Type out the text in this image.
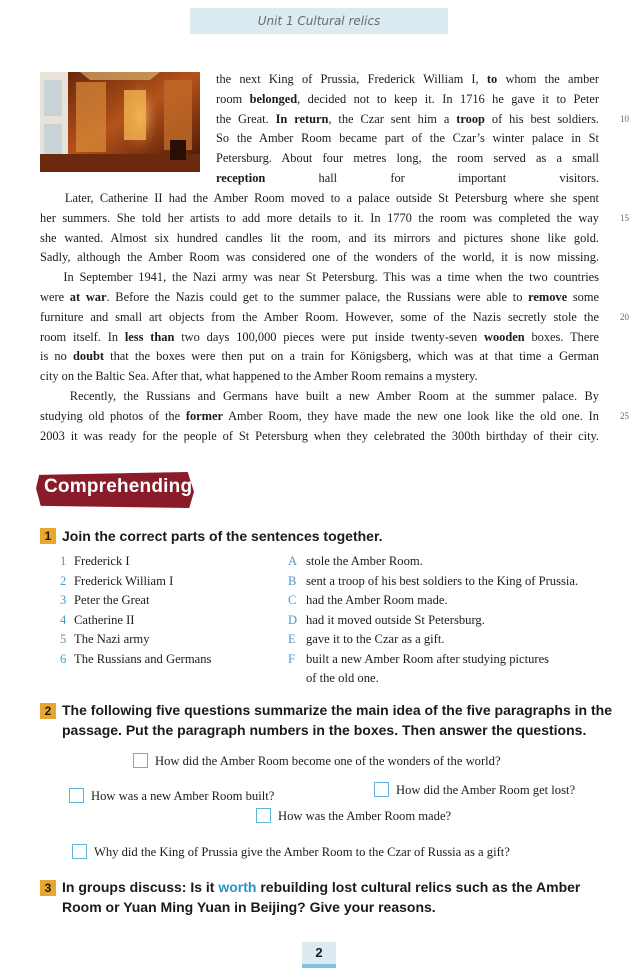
Unit 1 Cultural relics
the next King of Prussia, Frederick William I, to whom the amber
room belonged, decided not to keep it. In 1716 he gave it to Peter
the Great. In return, the Czar sent him a troop of his best soldiers. 10
So the Amber Room became part of the Czar’s winter palace in St
Petersburg. About four metres long, the room served as a small
reception hall for important visitors.
Later, Catherine II had the Amber Room moved to a palace outside St Petersburg where she spent
her summers. She told her artists to add more details to it. In 1770 the room was completed the way 15
she wanted. Almost six hundred candles lit the room, and its mirrors and pictures shone like gold.
Sadly, although the Amber Room was considered one of the wonders of the world, it is now missing.
In September 1941, the Nazi army was near St Petersburg. This was a time when the two countries
were at war. Before the Nazis could get to the summer palace, the Russians were able to remove some
furniture and small art objects from the Amber Room. However, some of the Nazis secretly stole the 20
room itself. In less than two days 100,000 pieces were put inside twenty-seven wooden boxes. There
is no doubt that the boxes were then put on a train for Königsberg, which was at that time a German
city on the Baltic Sea. After that, what happened to the Amber Room remains a mystery.
Recently, the Russians and Germans have built a new Amber Room at the summer palace. By
studying old photos of the former Amber Room, they have made the new one look like the old one. In 25
2003 it was ready for the people of St Petersburg when they celebrated the 300th birthday of their city.
Comprehending
1 Join the correct parts of the sentences together.
1 Frederick I
2 Frederick William I
3 Peter the Great
4 Catherine II
5 The Nazi army
6 The Russians and Germans
A stole the Amber Room.
B sent a troop of his best soldiers to the King of Prussia.
C had the Amber Room made.
D had it moved outside St Petersburg.
E gave it to the Czar as a gift.
F built a new Amber Room after studying pictures
of the old one.
2 The following five questions summarize the main idea of the five paragraphs in the
passage. Put the paragraph numbers in the boxes. Then answer the questions.
How did the Amber Room become one of the wonders of the world?
How was a new Amber Room built?	How did the Amber Room get lost?
How was the Amber Room made?
Why did the King of Prussia give the Amber Room to the Czar of Russia as a gift?
3 In groups discuss: Is it worth rebuilding lost cultural relics such as the Amber
Room or Yuan Ming Yuan in Beijing? Give your reasons.
2
